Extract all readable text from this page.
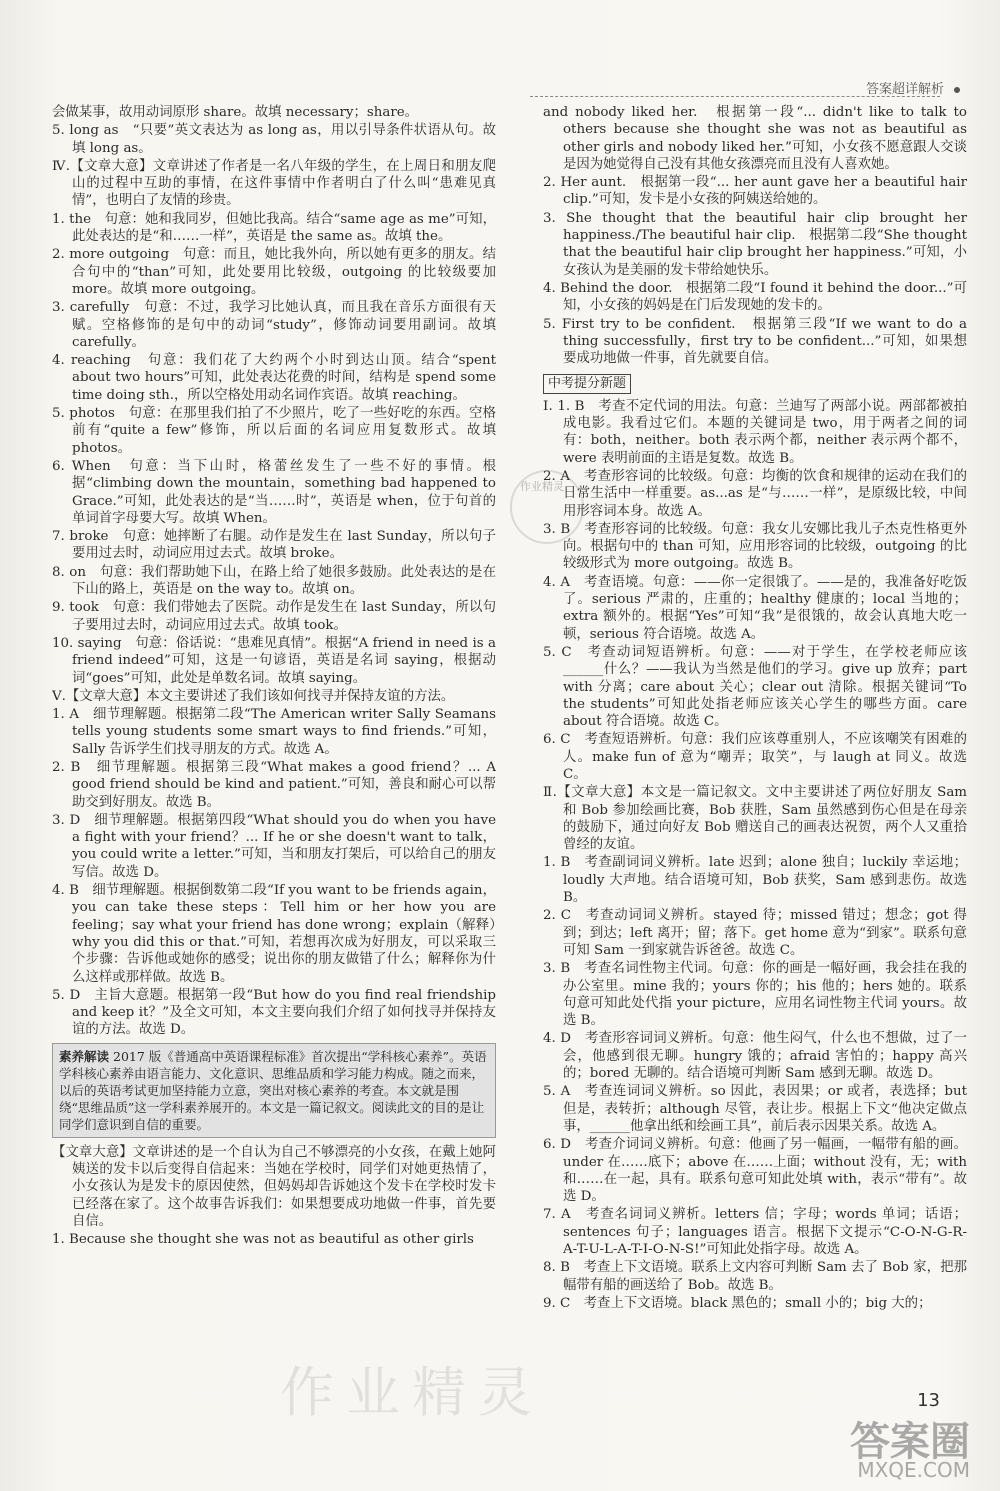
答案超详解析

会做某事，故用动词原形 share。故填 necessary；share。

5. long as　“只要”英文表达为 as long as，用以引导条件状语从句。故填 long as。

Ⅳ.【文章大意】文章讲述了作者是一名八年级的学生，在上周日和朋友爬山的过程中互助的事情，在这件事情中作者明白了什么叫“患难见真情”，也明白了友情的珍贵。

1. the　句意：她和我同岁，但她比我高。结合“same age as me”可知，此处表达的是“和……一样”，英语是 the same as。故填 the。

2. more outgoing　句意：而且，她比我外向，所以她有更多的朋友。结合句中的“than”可知，此处要用比较级，outgoing 的比较级要加 more。故填 more outgoing。

3. carefully　句意：不过，我学习比她认真，而且我在音乐方面很有天赋。空格修饰的是句中的动词“study”，修饰动词要用副词。故填 carefully。

4. reaching　句意：我们花了大约两个小时到达山顶。结合“spent about two hours”可知，此处表达花费的时间，结构是 spend some time doing sth.，所以空格处用动名词作宾语。故填 reaching。

5. photos　句意：在那里我们拍了不少照片，吃了一些好吃的东西。空格前有“quite a few”修饰，所以后面的名词应用复数形式。故填 photos。

6. When　句意：当下山时，格蕾丝发生了一些不好的事情。根据“climbing down the mountain，something bad happened to Grace.”可知，此处表达的是“当……时”，英语是 when，位于句首的单词首字母要大写。故填 When。

7. broke　句意：她摔断了右腿。动作是发生在 last Sunday，所以句子要用过去时，动词应用过去式。故填 broke。

8. on　句意：我们帮助她下山，在路上给了她很多鼓励。此处表达的是在下山的路上，英语是 on the way to。故填 on。

9. took　句意：我们带她去了医院。动作是发生在 last Sunday，所以句子要用过去时，动词应用过去式。故填 took。

10. saying　句意：俗话说：“患难见真情”。根据“A friend in need is a friend indeed”可知，这是一句谚语，英语是名词 saying，根据动词“goes”可知，此处是单数名词。故填 saying。

Ⅴ.【文章大意】本文主要讲述了我们该如何找寻并保持友谊的方法。

1. A　细节理解题。根据第二段“The American writer Sally Seamans tells young students some smart ways to find friends.”可知，Sally 告诉学生们找寻朋友的方式。故选 A。

2. B　细节理解题。根据第三段“What makes a good friend？... A good friend should be kind and patient.”可知，善良和耐心可以帮助交到好朋友。故选 B。

3. D　细节理解题。根据第四段“What should you do when you have a fight with your friend？... If he or she doesn't want to talk，you could write a letter.”可知，当和朋友打架后，可以给自己的朋友写信。故选 D。

4. B　细节理解题。根据倒数第二段“If you want to be friends again，you can take these steps：Tell him or her how you are feeling；say what your friend has done wrong；explain（解释）why you did this or that.”可知，若想再次成为好朋友，可以采取三个步骤：告诉他或她你的感受；说出你的朋友做错了什么；解释你为什么这样或那样做。故选 B。

5. D　主旨大意题。根据第一段“But how do you find real friendship and keep it？”及全文可知，本文主要向我们介绍了如何找寻并保持友谊的方法。故选 D。

素养解读 2017 版《普通高中英语课程标准》首次提出“学科核心素养”。英语学科核心素养由语言能力、文化意识、思维品质和学习能力构成。随之而来，以后的英语考试更加坚持能力立意，突出对核心素养的考查。本文就是围绕“思维品质”这一学科素养展开的。本文是一篇记叙文。阅读此文的目的是让同学们意识到自信的重要。

【文章大意】文章讲述的是一个自认为自己不够漂亮的小女孩，在戴上她阿姨送的发卡以后变得自信起来：当她在学校时，同学们对她更热情了，小女孩认为是发卡的原因使然，但妈妈却告诉她这个发卡在学校时发卡已经落在家了。这个故事告诉我们：如果想要成功地做一件事，首先要自信。

1. Because she thought she was not as beautiful as other girls

and nobody liked her.　根据第一段“... didn't like to talk to others because she thought she was not as beautiful as other girls and nobody liked her.”可知，小女孩不愿意跟人交谈是因为她觉得自己没有其他女孩漂亮而且没有人喜欢她。

2. Her aunt.　根据第一段“... her aunt gave her a beautiful hair clip.”可知，发卡是小女孩的阿姨送给她的。

3. She thought that the beautiful hair clip brought her happiness./The beautiful hair clip.　根据第二段“She thought that the beautiful hair clip brought her happiness.”可知，小女孩认为是美丽的发卡带给她快乐。

4. Behind the door.　根据第二段“I found it behind the door...”可知，小女孩的妈妈是在门后发现她的发卡的。

5. First try to be confident.　根据第三段“If we want to do a thing successfully，first try to be confident...”可知，如果想要成功地做一件事，首先就要自信。

中考提分新题

Ⅰ. 1. B　考查不定代词的用法。句意：兰迪写了两部小说。两部都被拍成电影。我看过它们。本题的关键词是 two，用于两者之间的词有：both，neither。both 表示两个都，neither 表示两个都不，were 表明前面的主语是复数。故选 B。

2. A　考查形容词的比较级。句意：均衡的饮食和规律的运动在我们的日常生活中一样重要。as...as 是“与……一样”，是原级比较，中间用形容词本身。故选 A。

3. B　考查形容词的比较级。句意：我女儿安娜比我儿子杰克性格更外向。根据句中的 than 可知，应用形容词的比较级，outgoing 的比较级形式为 more outgoing。故选 B。

4. A　考查语境。句意：——你一定很饿了。——是的，我准备好吃饭了。serious 严肃的，庄重的；healthy 健康的；local 当地的；extra 额外的。根据“Yes”可知“我”是很饿的，故会认真地大吃一顿，serious 符合语境。故选 A。

5. C　考查动词短语辨析。句意：——对于学生，在学校老师应该______什么？——我认为当然是他们的学习。give up 放弃；part with 分离；care about 关心；clear out 清除。根据关键词“To the students”可知此处指老师应该关心学生的哪些方面。care about 符合语境。故选 C。

6. C　考查短语辨析。句意：我们应该尊重别人，不应该嘲笑有困难的人。make fun of 意为“嘲弄；取笑”，与 laugh at 同义。故选 C。

Ⅱ.【文章大意】本文是一篇记叙文。文中主要讲述了两位好朋友 Sam 和 Bob 参加绘画比赛，Bob 获胜，Sam 虽然感到伤心但是在母亲的鼓励下，通过向好友 Bob 赠送自己的画表达祝贺，两个人又重拾曾经的友谊。

1. B　考查副词词义辨析。late 迟到；alone 独自；luckily 幸运地；loudly 大声地。结合语境可知，Bob 获奖，Sam 感到悲伤。故选 B。

2. C　考查动词词义辨析。stayed 待；missed 错过；想念；got 得到；到达；left 离开；留；落下。get home 意为“到家”。联系句意可知 Sam 一到家就告诉爸爸。故选 C。

3. B　考查名词性物主代词。句意：你的画是一幅好画，我会挂在我的办公室里。mine 我的；yours 你的；his 他的；hers 她的。联系句意可知此处代指 your picture，应用名词性物主代词 yours。故选 B。

4. D　考查形容词词义辨析。句意：他生闷气，什么也不想做，过了一会，他感到很无聊。hungry 饿的；afraid 害怕的；happy 高兴的；bored 无聊的。结合语境可判断 Sam 感到无聊。故选 D。

5. A　考查连词词义辨析。so 因此，表因果；or 或者，表选择；but 但是，表转折；although 尽管，表让步。根据上下文“他决定做点事，______他拿出纸和绘画工具”，前后表示因果关系。故选 A。

6. D　考查介词词义辨析。句意：他画了另一幅画，一幅带有船的画。under 在……底下；above 在……上面；without 没有，无；with 和……在一起，具有。联系句意可知此处填 with，表示“带有”。故选 D。

7. A　考查名词词义辨析。letters 信；字母；words 单词；话语；sentences 句子；languages 语言。根据下文提示“C-O-N-G-R-A-T-U-L-A-T-I-O-N-S!”可知此处指字母。故选 A。

8. B　考查上下文语境。联系上文内容可判断 Sam 去了 Bob 家，把那幅带有船的画送给了 Bob。故选 B。

9. C　考查上下文语境。black 黑色的；small 小的；big 大的；

作业精灵
作业精灵	13
答案圈
MXQE.COM
